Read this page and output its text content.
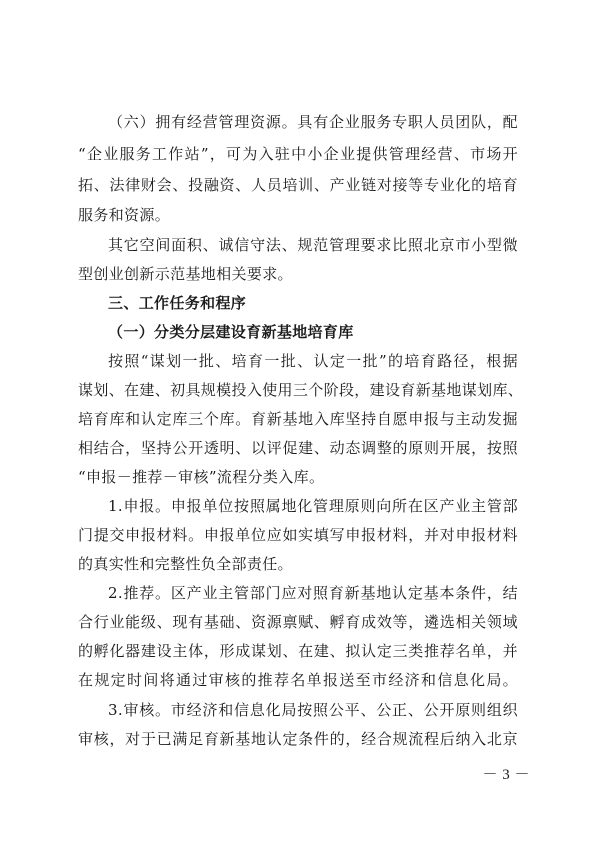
（六）拥有经营管理资源。具有企业服务专职人员团队，配
“企业服务工作站”，可为入驻中小企业提供管理经营、市场开
拓、法律财会、投融资、人员培训、产业链对接等专业化的培育
服务和资源。
其它空间面积、诚信守法、规范管理要求比照北京市小型微
型创业创新示范基地相关要求。
三、工作任务和程序
（一）分类分层建设育新基地培育库
按照“谋划一批、培育一批、认定一批”的培育路径，根据
谋划、在建、初具规模投入使用三个阶段，建设育新基地谋划库、
培育库和认定库三个库。育新基地入库坚持自愿申报与主动发掘
相结合，坚持公开透明、以评促建、动态调整的原则开展，按照
“申报－推荐－审核”流程分类入库。
1.申报。申报单位按照属地化管理原则向所在区产业主管部
门提交申报材料。申报单位应如实填写申报材料，并对申报材料
的真实性和完整性负全部责任。
2.推荐。区产业主管部门应对照育新基地认定基本条件，结
合行业能级、现有基础、资源禀赋、孵育成效等，遴选相关领域
的孵化器建设主体，形成谋划、在建、拟认定三类推荐名单，并
在规定时间将通过审核的推荐名单报送至市经济和信息化局。
3.审核。市经济和信息化局按照公平、公正、公开原则组织
审核，对于已满足育新基地认定条件的，经合规流程后纳入北京
－ 3 －
